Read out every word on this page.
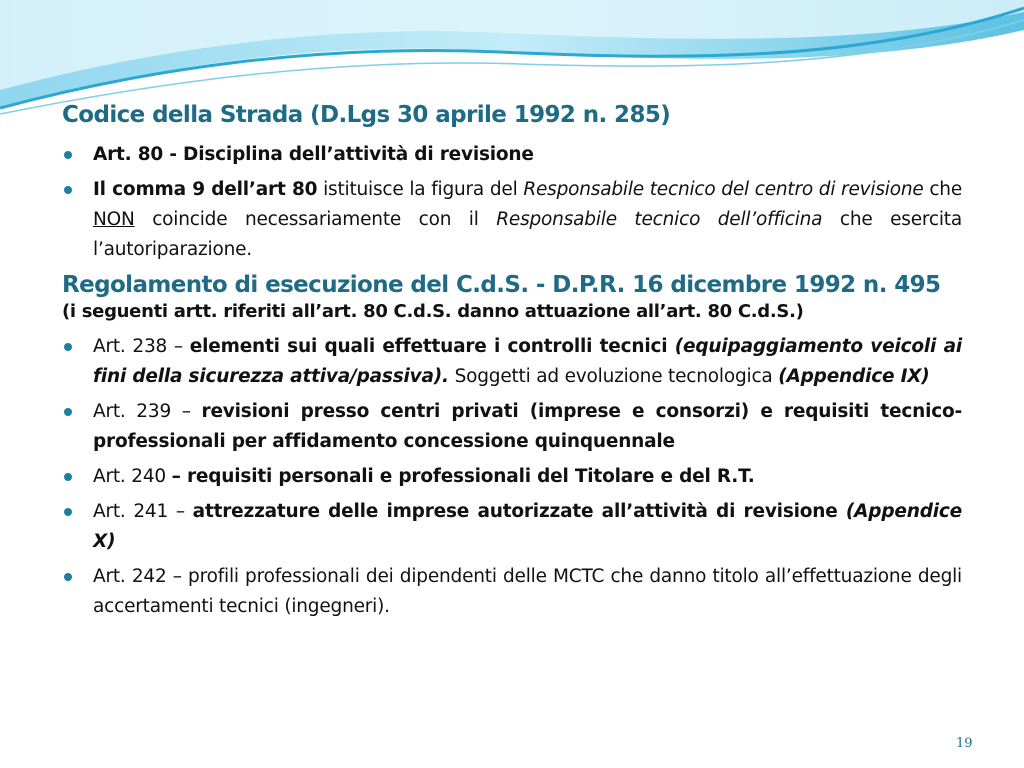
Codice della Strada (D.Lgs 30 aprile 1992 n. 285)

Art. 80 - Disciplina dell’attività di revisione
Il comma 9 dell’art 80 istituisce la figura del Responsabile tecnico del centro di revisione che NON coincide necessariamente con il Responsabile tecnico dell’officina che esercita l’autoriparazione.

Regolamento di esecuzione del C.d.S. - D.P.R. 16 dicembre 1992 n. 495

(i seguenti artt. riferiti all’art. 80 C.d.S. danno attuazione all’art. 80 C.d.S.)

Art. 238 – elementi sui quali effettuare i controlli tecnici (equipaggiamento veicoli ai fini della sicurezza attiva/passiva). Soggetti ad evoluzione tecnologica (Appendice IX)
Art. 239 – revisioni presso centri privati (imprese e consorzi) e requisiti tecnico-professionali per affidamento concessione quinquennale
Art. 240 – requisiti personali e professionali del Titolare e del R.T.
Art. 241 – attrezzature delle imprese autorizzate all’attività di revisione (Appendice X)
Art. 242 – profili professionali dei dipendenti delle MCTC che danno titolo all’effettuazione degli accertamenti tecnici (ingegneri).
19
